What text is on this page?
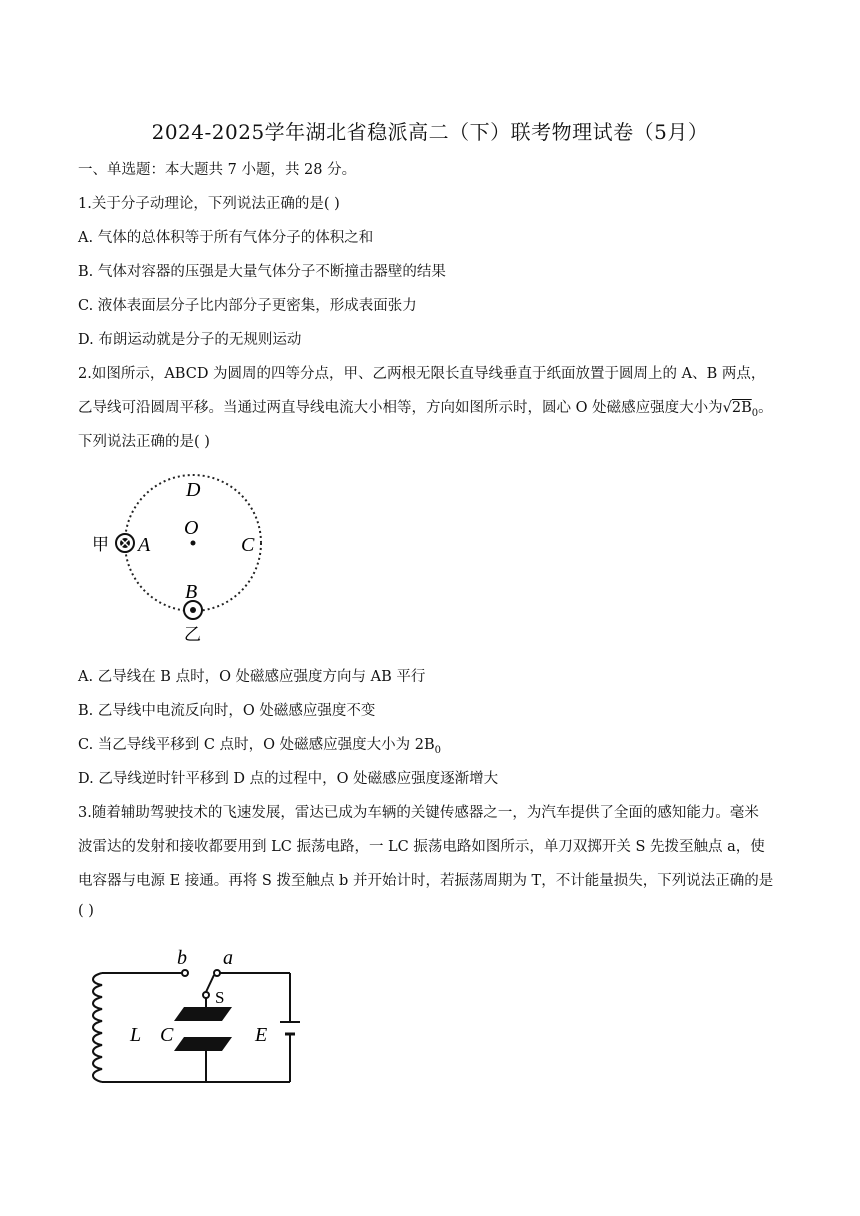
2024-2025学年湖北省稳派高二（下）联考物理试卷（5月）
一、单选题：本大题共 7 小题，共 28 分。
1.关于分子动理论，下列说法正确的是( )
A. 气体的总体积等于所有气体分子的体积之和
B. 气体对容器的压强是大量气体分子不断撞击器壁的结果
C. 液体表面层分子比内部分子更密集，形成表面张力
D. 布朗运动就是分子的无规则运动
2.如图所示，ABCD 为圆周的四等分点，甲、乙两根无限长直导线垂直于纸面放置于圆周上的 A、B 两点，
乙导线可沿圆周平移。当通过两直导线电流大小相等，方向如图所示时，圆心 O 处磁感应强度大小为$√2B_0$。
下列说法正确的是( )
D
O
A	C
B
甲
乙
A. 乙导线在 B 点时，O 处磁感应强度方向与 AB 平行
B. 乙导线中电流反向时，O 处磁感应强度不变
C. 当乙导线平移到 C 点时，O 处磁感应强度大小为 $2B_0$
D. 乙导线逆时针平移到 D 点的过程中，O 处磁感应强度逐渐增大
3.随着辅助驾驶技术的飞速发展，雷达已成为车辆的关键传感器之一，为汽车提供了全面的感知能力。毫米
波雷达的发射和接收都要用到 LC 振荡电路，一 LC 振荡电路如图所示，单刀双掷开关 S 先拨至触点 a，使
电容器与电源 E 接通。再将 S 拨至触点 b 并开始计时，若振荡周期为 T，不计能量损失，下列说法正确的是
( )
b a
S
L C	E
